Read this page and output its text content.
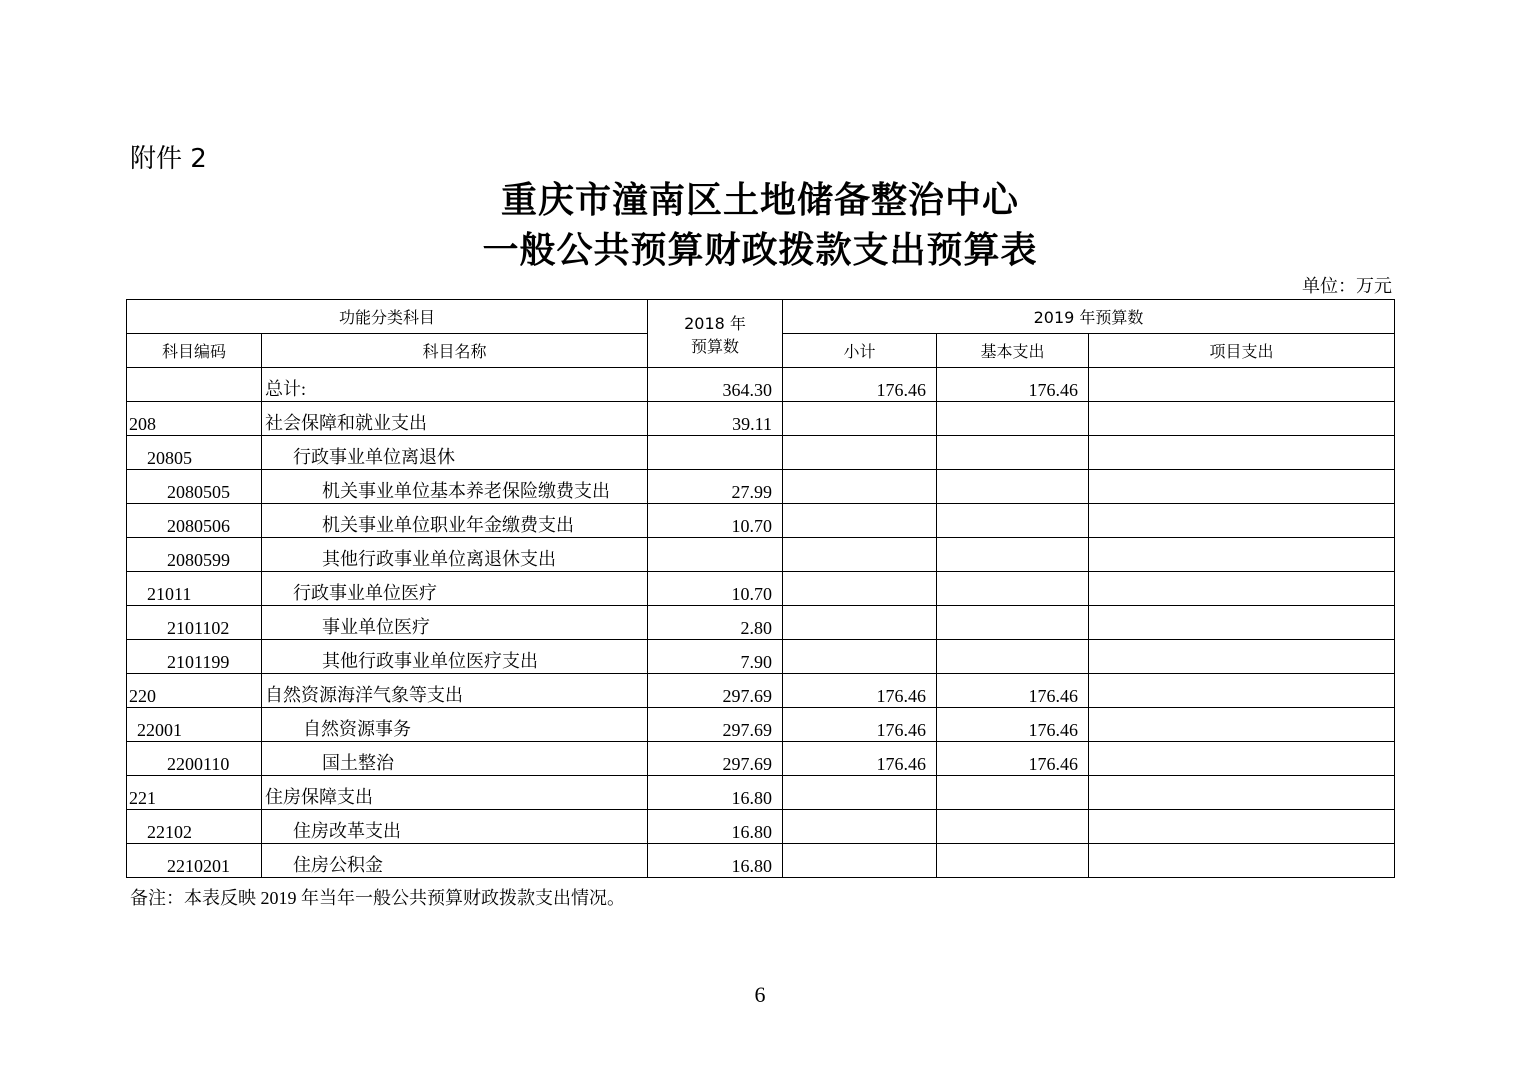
附件 2
重庆市潼南区土地储备整治中心
一般公共预算财政拨款支出预算表
单位：万元
功能分类科目		2018 年
预算数	2019 年预算数		
科目编码	科目名称		小计	基本支出	项目支出
	总计:	364.30	176.46	176.46	
208	社会保障和就业支出	39.11			
20805	行政事业单位离退休				
2080505	机关事业单位基本养老保险缴费支出	27.99			
2080506	机关事业单位职业年金缴费支出	10.70			
2080599	其他行政事业单位离退休支出				
21011	行政事业单位医疗	10.70			
2101102	事业单位医疗	2.80			
2101199	其他行政事业单位医疗支出	7.90			
220	自然资源海洋气象等支出	297.69	176.46	176.46	
22001	自然资源事务	297.69	176.46	176.46	
2200110	国土整治	297.69	176.46	176.46	
221	住房保障支出	16.80			
22102	住房改革支出	16.80			
2210201	住房公积金	16.80			
备注：本表反映 2019 年当年一般公共预算财政拨款支出情况。
6
